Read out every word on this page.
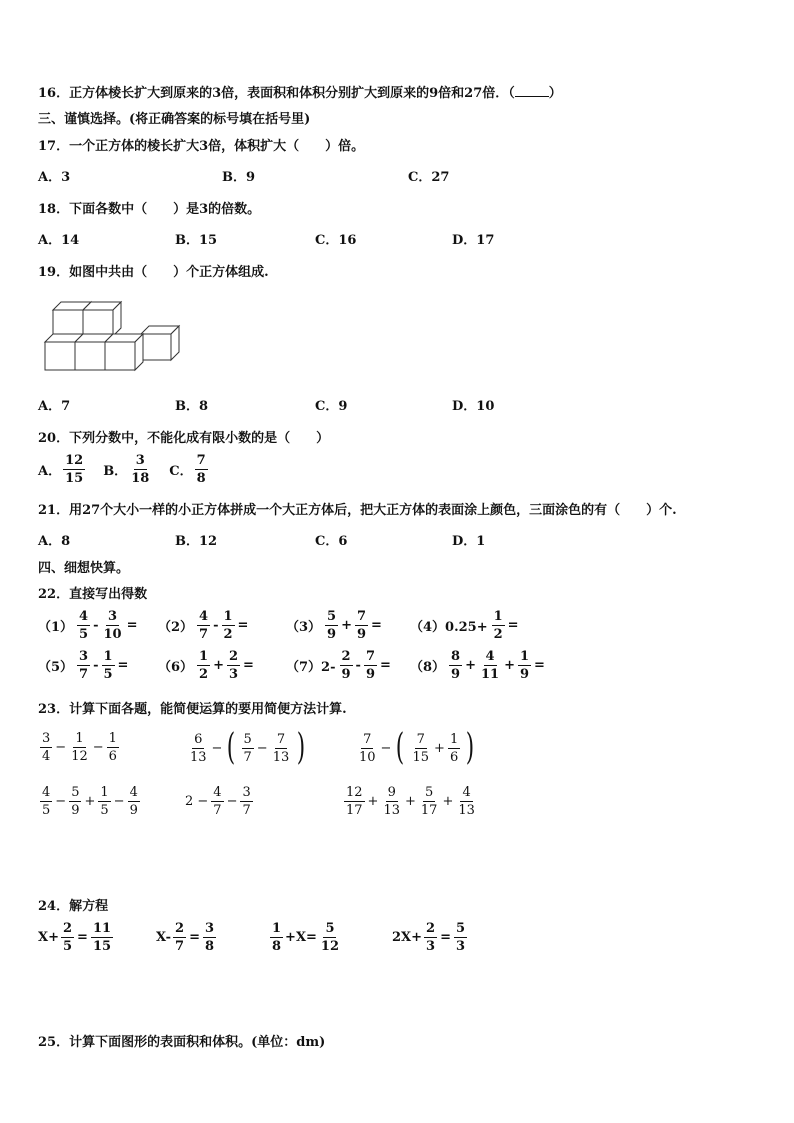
16．正方体棱长扩大到原来的3倍，表面积和体积分别扩大到原来的9倍和27倍．（	）
三、谨慎选择。(将正确答案的标号填在括号里)
17．一个正方体的棱长扩大3倍，体积扩大（　　）倍。
A．3	B．9	C．27
18．下面各数中（　　）是3的倍数。
A．14	B．15	C．16	D．17
19．如图中共由（　　）个正方体组成.
A．7	B．8	C．9	D．10
20．下列分数中，不能化成有限小数的是（　　）
A． $\frac{12}{15}$ B． $\frac{3}{18}$ C． $\frac{7}{8}$
21．用27个大小一样的小正方体拼成一个大正方体后，把大正方体的表面涂上颜色，三面涂色的有（　　）个.
A．8	B．12	C．6	D．1
四、细想快算。
22．直接写出得数
$(1) \frac{4}{5} - \frac{3}{10} = (2) \frac{4}{7} - \frac{1}{2}$ =	$(3) \frac{5}{9} + \frac{7}{9} = (4)0.25+ \frac{1}{2}$ =
$(5) \frac{3}{7} - \frac{1}{5} = (6) \frac{1}{2} + \frac{2}{3} = (7)2- \frac{2}{9} - \frac{7}{9} = (8) \frac{8}{9} + \frac{4}{11} + \frac{1}{9}$ =
23．计算下面各题，能简便运算的要用简便方法计算.
$\frac{3}{4} - \frac{1}{12} - \frac{1}{6}$	$\frac{6}{13}$ − ( $\frac{5}{7} - \frac{7}{13}$ )	$\frac{7}{10}$ − ( $\frac{7}{15} + \frac{1}{6}$ )
$\frac{4}{5} - \frac{5}{9} + \frac{1}{5} - \frac{4}{9}$	$2 - \frac{4}{7} - \frac{3}{7}$	$\frac{12}{17} + \frac{9}{13} + \frac{5}{17} + \frac{4}{13}$
24．解方程
$X+ \frac{2}{5} = \frac{11}{15}$	$X- \frac{2}{7} = \frac{3}{8}$	$\frac{1}{8} +X= \frac{5}{12}$	$2X+ \frac{2}{3} = \frac{5}{3}$
25．计算下面图形的表面积和体积。(单位：dm)
